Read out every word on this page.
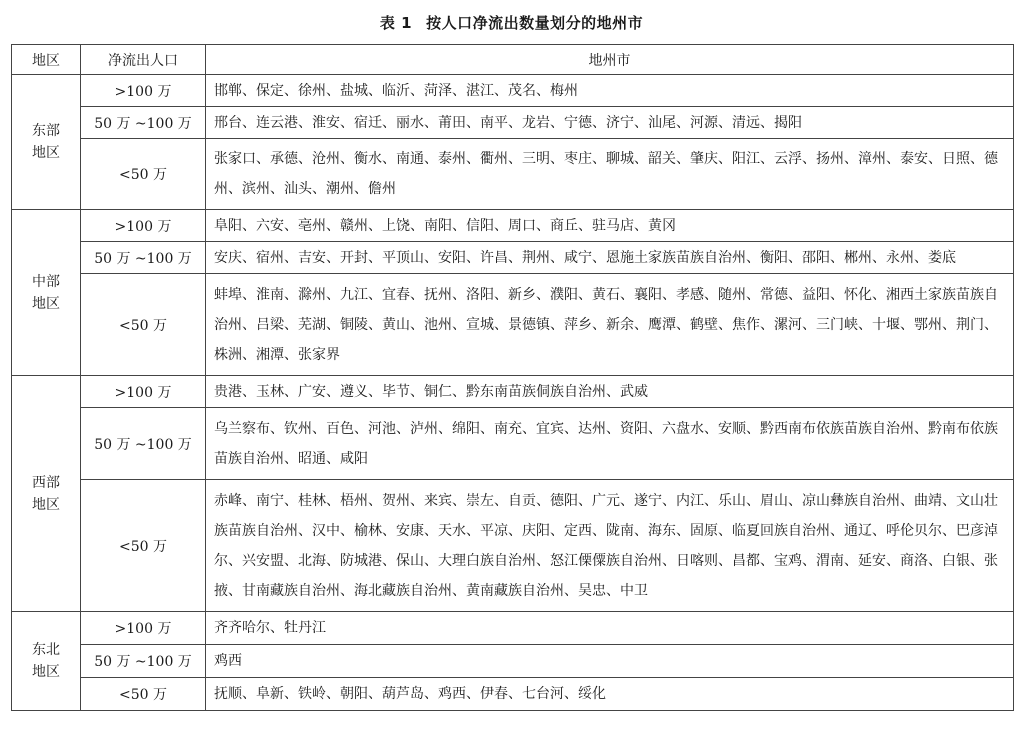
表 1 按人口净流出数量划分的地州市
地区	净流出人口	地州市

东部
地区	>100 万	邯郸、保定、徐州、盐城、临沂、菏泽、湛江、茂名、梅州
	50 万 ~100 万	邢台、连云港、淮安、宿迁、丽水、莆田、南平、龙岩、宁德、济宁、汕尾、河源、清远、揭阳
	<50 万	张家口、承德、沧州、衡水、南通、泰州、衢州、三明、枣庄、聊城、韶关、肇庆、阳江、云浮、扬州、漳州、泰安、日照、德州、滨州、汕头、潮州、儋州

中部
地区	>100 万	阜阳、六安、亳州、赣州、上饶、南阳、信阳、周口、商丘、驻马店、黄冈
	50 万 ~100 万	安庆、宿州、吉安、开封、平顶山、安阳、许昌、荆州、咸宁、恩施土家族苗族自治州、衡阳、邵阳、郴州、永州、娄底
	<50 万	蚌埠、淮南、滁州、九江、宜春、抚州、洛阳、新乡、濮阳、黄石、襄阳、孝感、随州、常德、益阳、怀化、湘西土家族苗族自治州、吕梁、芜湖、铜陵、黄山、池州、宣城、景德镇、萍乡、新余、鹰潭、鹤壁、焦作、漯河、三门峡、十堰、鄂州、荆门、株洲、湘潭、张家界

西部
地区	>100 万	贵港、玉林、广安、遵义、毕节、铜仁、黔东南苗族侗族自治州、武威
	50 万 ~100 万	乌兰察布、钦州、百色、河池、泸州、绵阳、南充、宜宾、达州、资阳、六盘水、安顺、黔西南布依族苗族自治州、黔南布依族苗族自治州、昭通、咸阳
	<50 万	赤峰、南宁、桂林、梧州、贺州、来宾、崇左、自贡、德阳、广元、遂宁、内江、乐山、眉山、凉山彝族自治州、曲靖、文山壮族苗族自治州、汉中、榆林、安康、天水、平凉、庆阳、定西、陇南、海东、固原、临夏回族自治州、通辽、呼伦贝尔、巴彦淖尔、兴安盟、北海、防城港、保山、大理白族自治州、怒江傈僳族自治州、日喀则、昌都、宝鸡、渭南、延安、商洛、白银、张掖、甘南藏族自治州、海北藏族自治州、黄南藏族自治州、吴忠、中卫

东北
地区	>100 万	齐齐哈尔、牡丹江
	50 万 ~100 万	鸡西
	<50 万	抚顺、阜新、铁岭、朝阳、葫芦岛、鸡西、伊春、七台河、绥化
